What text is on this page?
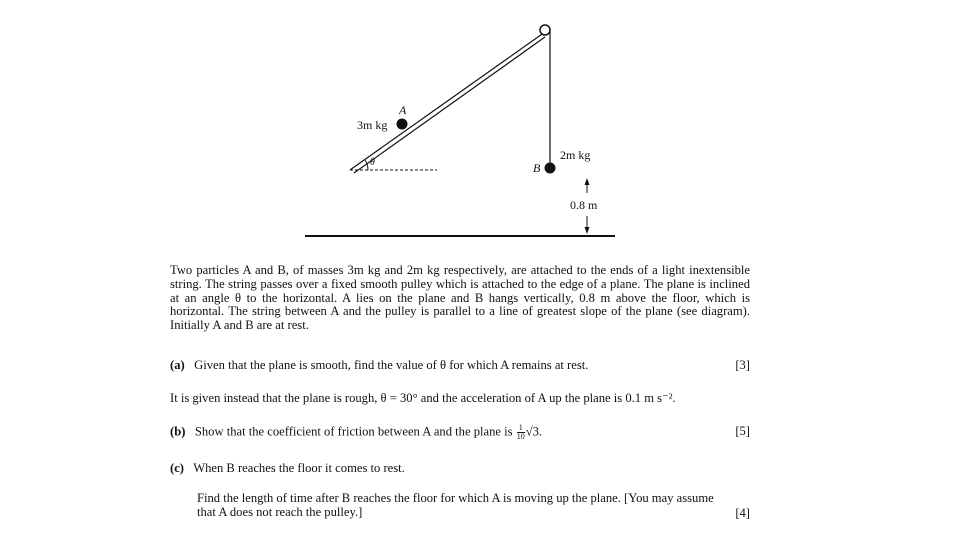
A
3m kg
θ	B
2m kg
0.8 m
Two particles A and B, of masses 3m kg and 2m kg respectively, are attached to the ends of a light inextensible string. The string passes over a fixed smooth pulley which is attached to the edge of a plane. The plane is inclined at an angle θ to the horizontal. A lies on the plane and B hangs vertically, 0.8 m above the floor, which is horizontal. The string between A and the pulley is parallel to a line of greatest slope of the plane (see diagram). Initially A and B are at rest.
(a) Given that the plane is smooth, find the value of θ for which A remains at rest.	[3]
It is given instead that the plane is rough, θ = 30° and the acceleration of A up the plane is 0.1 m s⁻².
(b) Show that the coefficient of friction between A and the plane is $\frac{1}{10} √3$.	[5]
(c) When B reaches the floor it comes to rest.
Find the length of time after B reaches the floor for which A is moving up the plane. [You may assume that A does not reach the pulley.]	[4]
